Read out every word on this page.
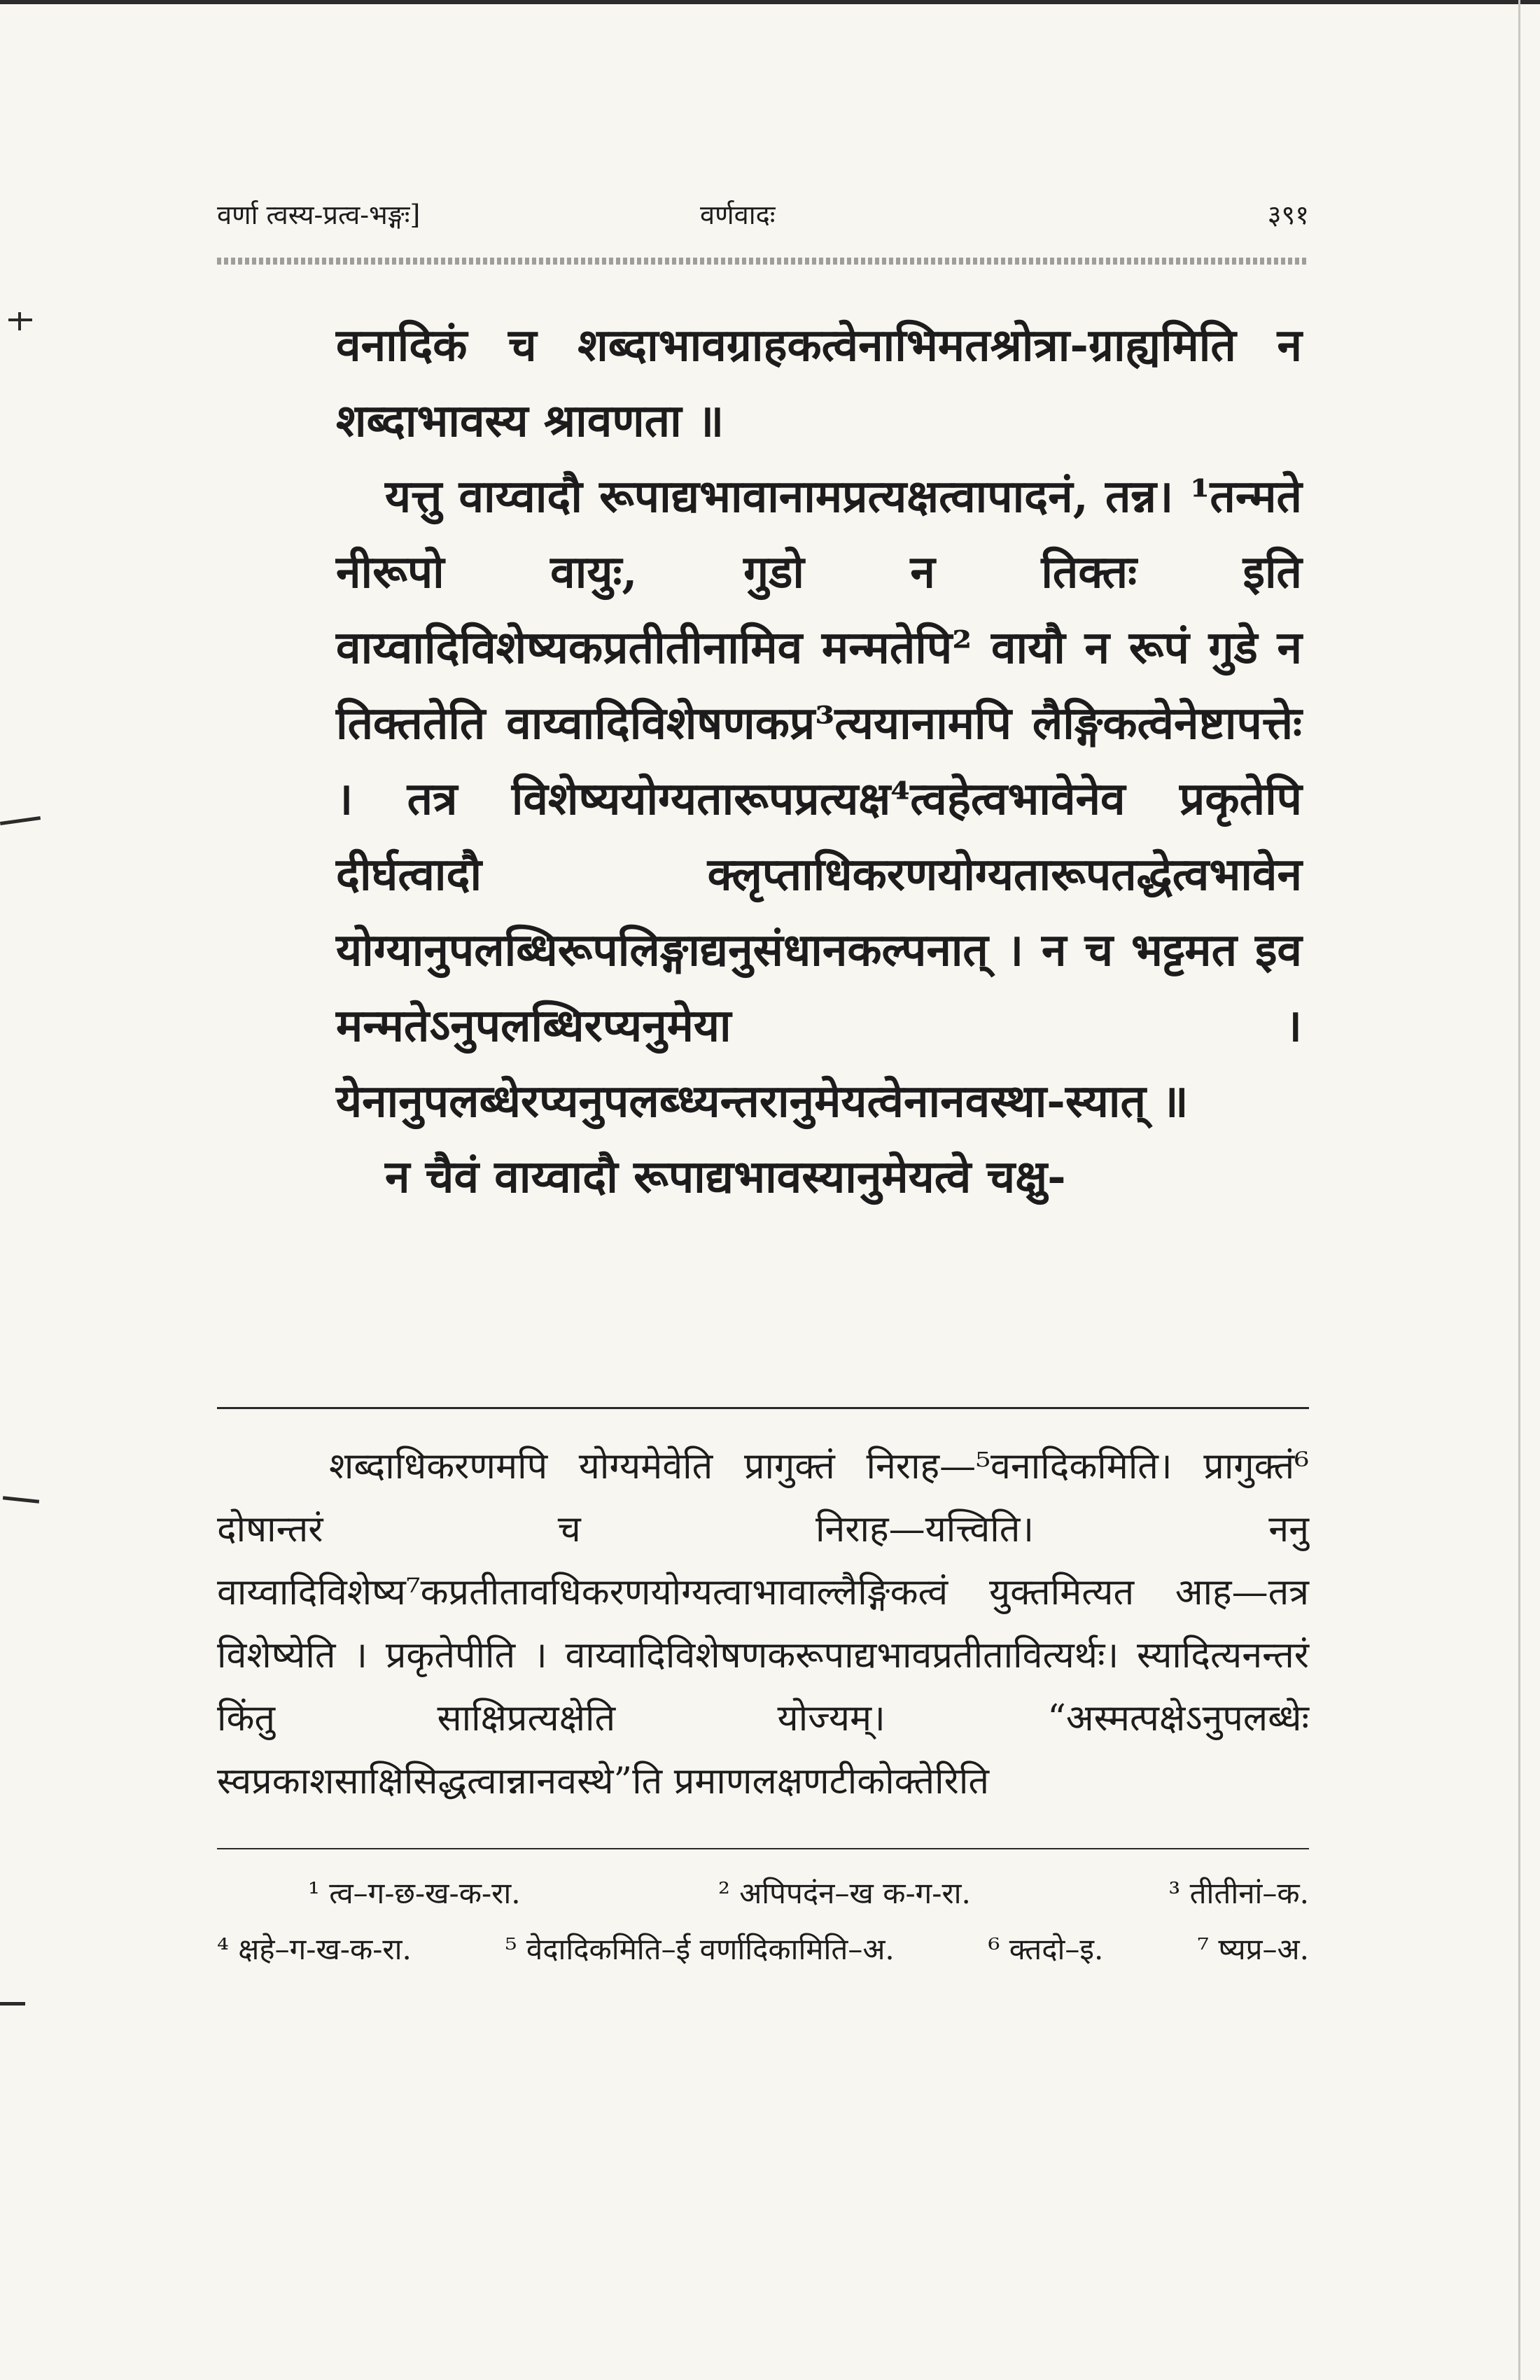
वर्णा त्वस्य-प्रत्व-भङ्गः]	वर्णवादः	३९१

वनादिकं च शब्दाभावग्राहकत्वेनाभिमतश्रोत्रा-ग्राह्यमिति न शब्दाभावस्य श्रावणता ॥

यत्तु वाय्वादौ रूपाद्यभावानामप्रत्यक्षत्वापादनं, तन्न। ¹तन्मते नीरूपो वायुः, गुडो न तिक्तः इति वाय्वादिविशेष्यकप्रतीतीनामिव मन्मतेपि² वायौ न रूपं गुडे न तिक्ततेति वाय्वादिविशेषणकप्र³त्ययानामपि लैङ्गिकत्वेनेष्टापत्तेः । तत्र विशेष्ययोग्यतारूपप्रत्यक्ष⁴त्वहेत्वभावेनेव प्रकृतेपि दीर्घत्वादौ क्लृप्ताधिकरणयोग्यतारूपतद्धेत्वभावेन योग्यानुपलब्धिरूपलिङ्गाद्यनुसंधानकल्पनात् । न च भट्टमत इव मन्मतेऽनुपलब्धिरप्यनुमेया । येनानुपलब्धेरप्यनुपलब्ध्यन्तरानुमेयत्वेनानवस्था-स्यात् ॥

न चैवं वाय्वादौ रूपाद्यभावस्यानुमेयत्वे चक्षु-

शब्दाधिकरणमपि योग्यमेवेति प्रागुक्तं निराह—⁵वनादिकमिति। प्रागुक्तं⁶ दोषान्तरं च निराह—यत्त्विति। ननु वाय्वादिविशेष्य⁷कप्रतीतावधिकरणयोग्यत्वाभावाल्लैङ्गिकत्वं युक्तमित्यत आह—तत्र विशेष्येति । प्रकृतेपीति । वाय्वादिविशेषणकरूपाद्यभावप्रतीतावित्यर्थः। स्यादित्यनन्तरं किंतु साक्षिप्रत्यक्षेति योज्यम्। “अस्मत्पक्षेऽनुपलब्धेः स्वप्रकाशसाक्षिसिद्धत्वान्नानवस्थे”ति प्रमाणलक्षणटीकोक्तेरिति

¹ त्व–ग-छ-ख-क-रा.	² अपिपदंन–ख क-ग-रा.	³ तीतीनां–क.
⁴ क्षहे–ग-ख-क-रा.	⁵ वेदादिकमिति–ई वर्णादिकामिति–अ.	⁶ क्तदो–इ.	⁷ ष्यप्र–अ.
